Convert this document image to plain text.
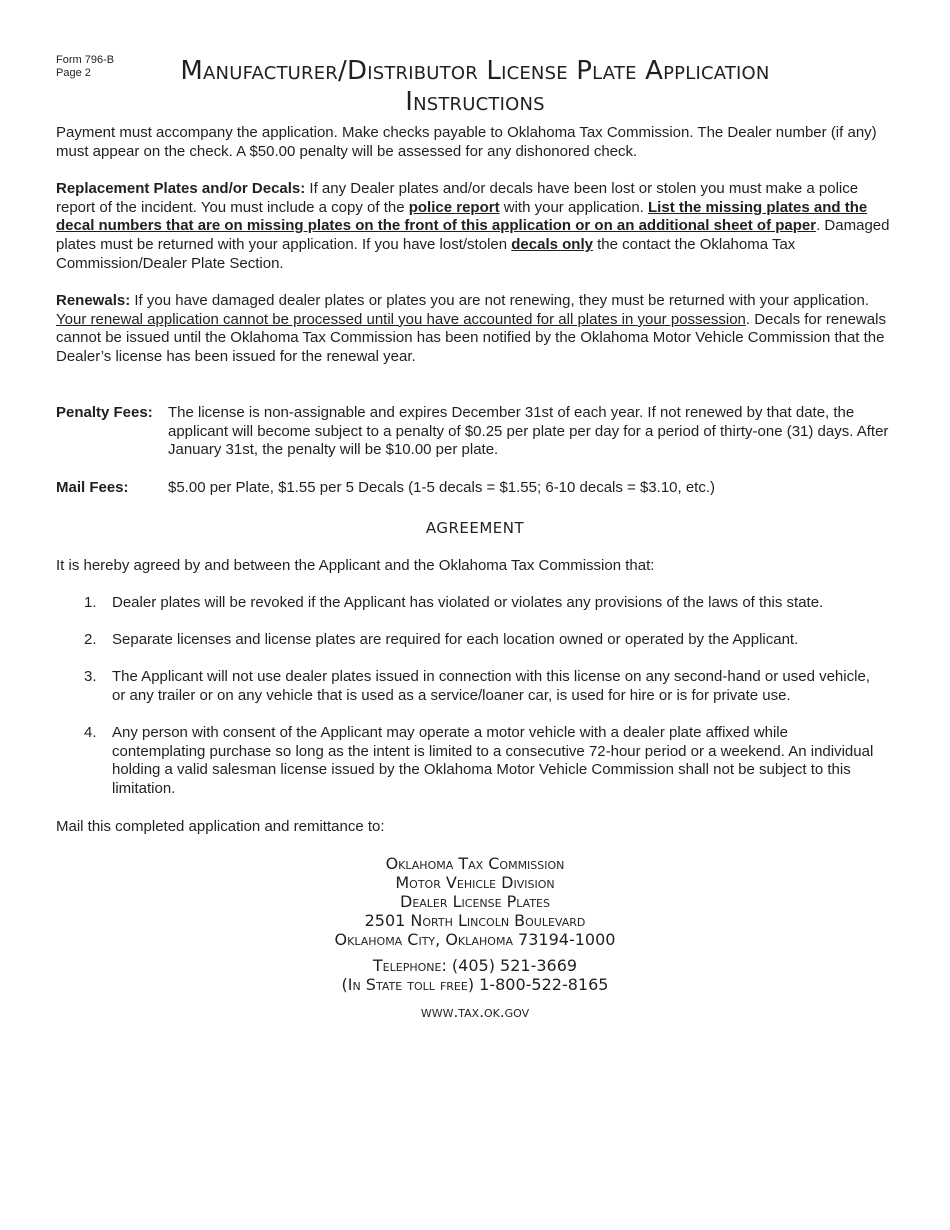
Form 796-B
Page 2	Manufacturer/Distributor License Plate Application
Instructions

Payment must accompany the application. Make checks payable to Oklahoma Tax Commission. The Dealer number (if any) must appear on the check. A $50.00 penalty will be assessed for any dishonored check.

Replacement Plates and/or Decals: If any Dealer plates and/or decals have been lost or stolen you must make a police report of the incident. You must include a copy of the police report with your application. List the missing plates and the decal numbers that are on missing plates on the front of this application or on an additional sheet of paper. Damaged plates must be returned with your application. If you have lost/stolen decals only the contact the Oklahoma Tax Commission/Dealer Plate Section.

Renewals: If you have damaged dealer plates or plates you are not renewing, they must be returned with your application. Your renewal application cannot be processed until you have accounted for all plates in your possession. Decals for renewals cannot be issued until the Oklahoma Tax Commission has been notified by the Oklahoma Motor Vehicle Commission that the Dealer’s license has been issued for the renewal year.

Penalty Fees: The license is non-assignable and expires December 31st of each year. If not renewed by that date, the applicant will become subject to a penalty of $0.25 per plate per day for a period of thirty-one (31) days. After January 31st, the penalty will be $10.00 per plate.
Mail Fees:	$5.00 per Plate, $1.55 per 5 Decals (1-5 decals = $1.55; 6-10 decals = $3.10, etc.)
AGREEMENT

It is hereby agreed by and between the Applicant and the Oklahoma Tax Commission that:

1. Dealer plates will be revoked if the Applicant has violated or violates any provisions of the laws of this state.
2. Separate licenses and license plates are required for each location owned or operated by the Applicant.
3. The Applicant will not use dealer plates issued in connection with this license on any second-hand or used vehicle, or any trailer or on any vehicle that is used as a service/loaner car, is used for hire or is for private use.
4. Any person with consent of the Applicant may operate a motor vehicle with a dealer plate affixed while contemplating purchase so long as the intent is limited to a consecutive 72-hour period or a weekend. An individual holding a valid salesman license issued by the Oklahoma Motor Vehicle Commission shall not be subject to this limitation.

Mail this completed application and remittance to:

Oklahoma Tax Commission
Motor Vehicle Division
Dealer License Plates
2501 North Lincoln Boulevard
Oklahoma City, Oklahoma 73194-1000
Telephone: (405) 521-3669
(In State toll free) 1-800-522-8165
www.tax.ok.gov
